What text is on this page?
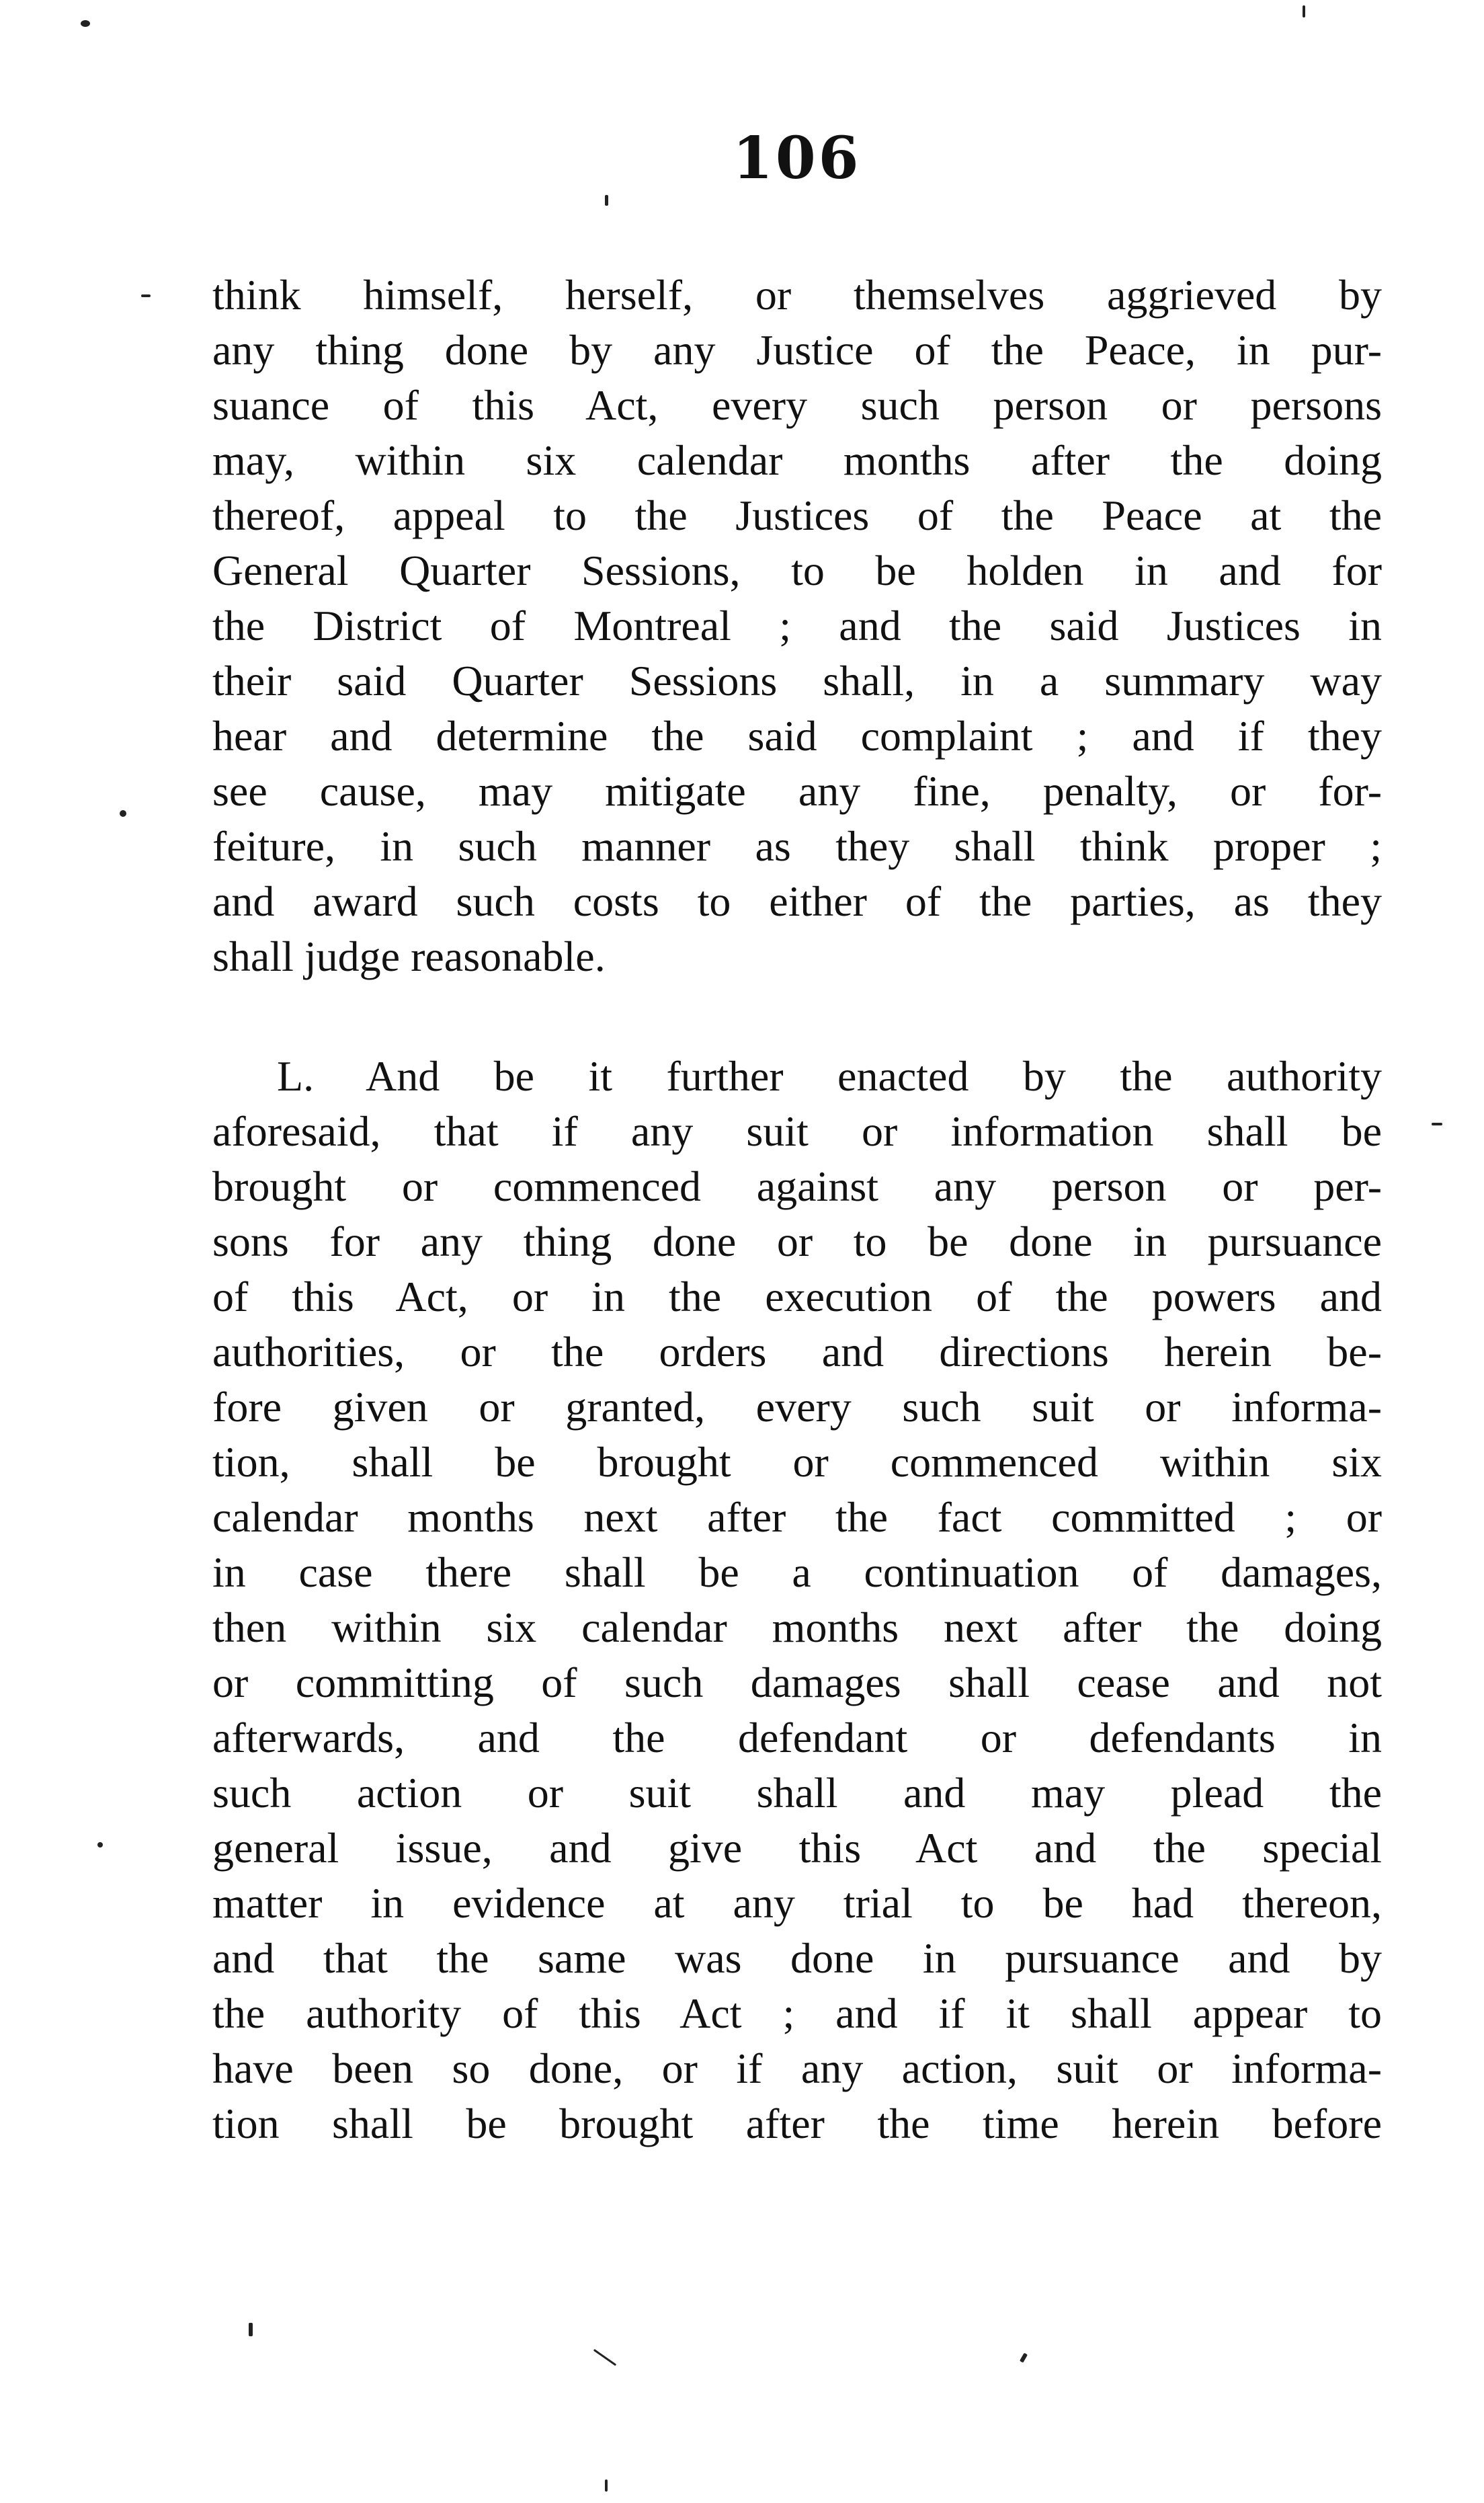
106
think himself, herself, or themselves aggrieved by
any thing done by any Justice of the Peace, in pur-
suance of this Act, every such person or persons
may, within six calendar months after the doing
thereof, appeal to the Justices of the Peace at the
General Quarter Sessions, to be holden in and for
the District of Montreal ; and the said Justices in
their said Quarter Sessions shall, in a summary way
hear and determine the said complaint ; and if they
see cause, may mitigate any fine, penalty, or for-
feiture, in such manner as they shall think proper ;
and award such costs to either of the parties, as they
shall judge reasonable.
L. And be it further enacted by the authority
aforesaid, that if any suit or information shall be
brought or commenced against any person or per-
sons for any thing done or to be done in pursuance
of this Act, or in the execution of the powers and
authorities, or the orders and directions herein be-
fore given or granted, every such suit or informa-
tion, shall be brought or commenced within six
calendar months next after the fact committed ; or
in case there shall be a continuation of damages,
then within six calendar months next after the doing
or committing of such damages shall cease and not
afterwards, and the defendant or defendants in
such action or suit shall and may plead the
general issue, and give this Act and the special
matter in evidence at any trial to be had thereon,
and that the same was done in pursuance and by
the authority of this Act ; and if it shall appear to
have been so done, or if any action, suit or informa-
tion shall be brought after the time herein before
